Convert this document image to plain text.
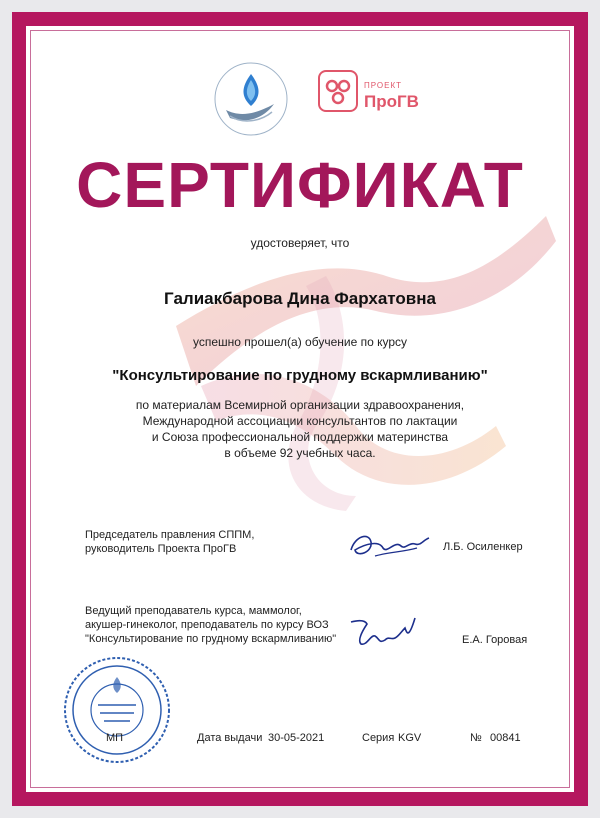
ПРОЕКТ
ПроГВ
СЕРТИФИКАТ
удостоверяет, что
Галиакбарова Дина Фархатовна
успешно прошел(а) обучение по курсу
"Консультирование по грудному вскармливанию"
по материалам Всемирной организации здравоохранения,
Международной ассоциации консультантов по лактации
и Союза профессиональной поддержки материнства
в объеме 92 учебных часа.
Председатель правления СППМ,
руководитель Проекта ПроГВ	Л.Б. Осиленкер
Ведущий преподаватель курса, маммолог,
акушер-гинеколог, преподаватель по курсу ВОЗ
"Консультирование по грудному вскармливанию"	Е.А. Горовая
МП	Дата выдачи 30-05-2021	Серия KGV	№ 00841
